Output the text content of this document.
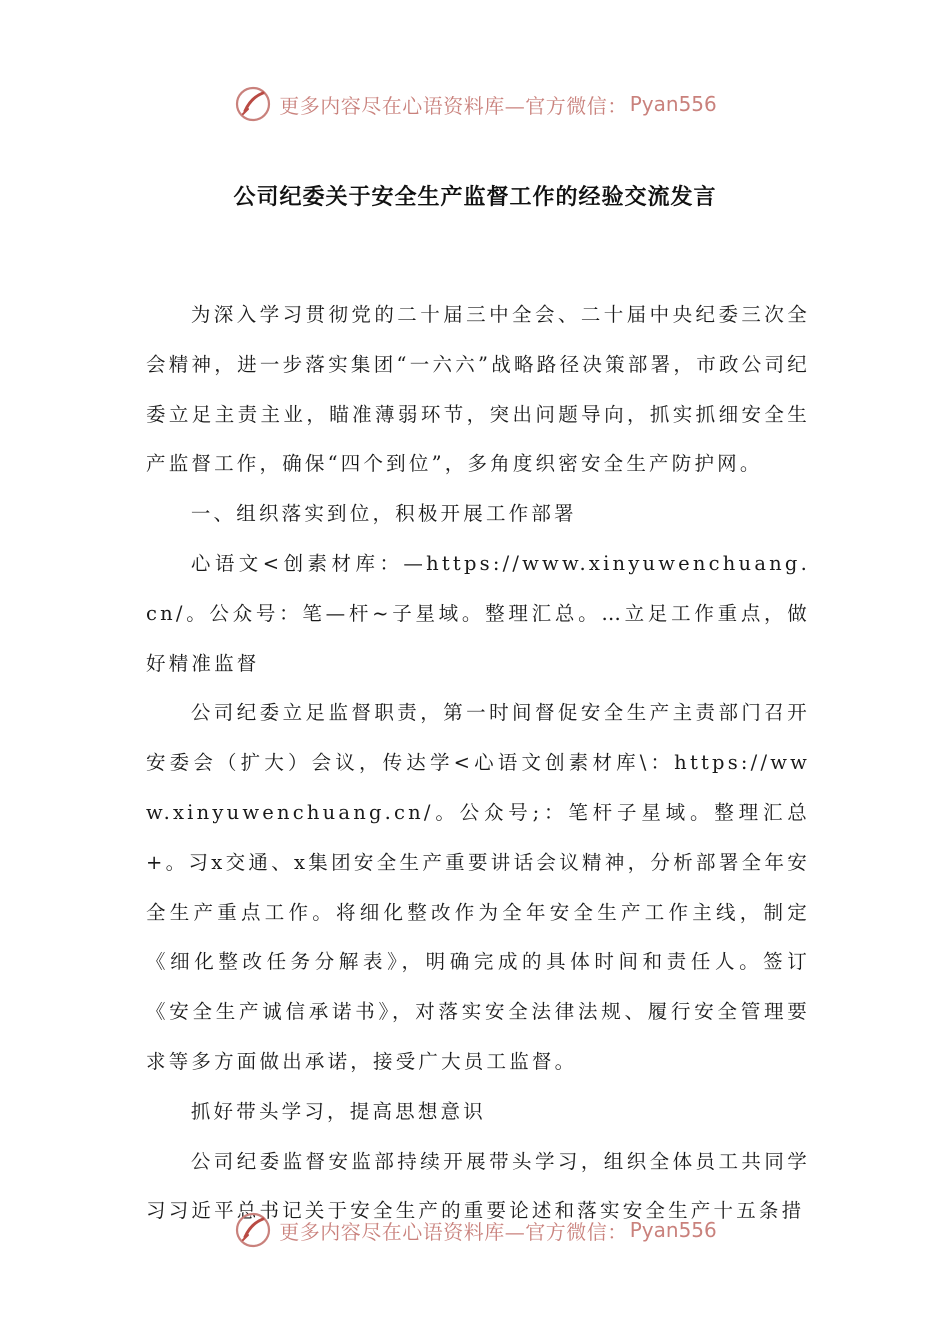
更多内容尽在心语资料库—官方微信： Pyan556
公司纪委关于安全生产监督工作的经验交流发言

为深入学习贯彻党的二十届三中全会、二十届中央纪委三次全会精神，进一步落实集团“一六六”战略路径决策部署，市政公司纪委立足主责主业，瞄准薄弱环节，突出问题导向，抓实抓细安全生产监督工作，确保“四个到位”，多角度织密安全生产防护网。

一、组织落实到位，积极开展工作部署

心语文<创素材库：—https://www.xinyuwenchuang.cn/。公众号：笔—杆~子星域。整理汇总。…立足工作重点，做好精准监督

公司纪委立足监督职责，第一时间督促安全生产主责部门召开安委会（扩大）会议，传达学<心语文创素材库\：https://www.xinyuwenchuang.cn/。公众号;：笔杆子星域。整理汇总+。习x交通、x集团安全生产重要讲话会议精神，分析部署全年安全生产重点工作。将细化整改作为全年安全生产工作主线，制定《细化整改任务分解表》，明确完成的具体时间和责任人。签订《安全生产诚信承诺书》，对落实安全法律法规、履行安全管理要求等多方面做出承诺，接受广大员工监督。

抓好带头学习，提高思想意识

公司纪委监督安监部持续开展带头学习，组织全体员工共同学习习近平总书记关于安全生产的重要论述和落实安全生产十五条措

更多内容尽在心语资料库—官方微信： Pyan556
